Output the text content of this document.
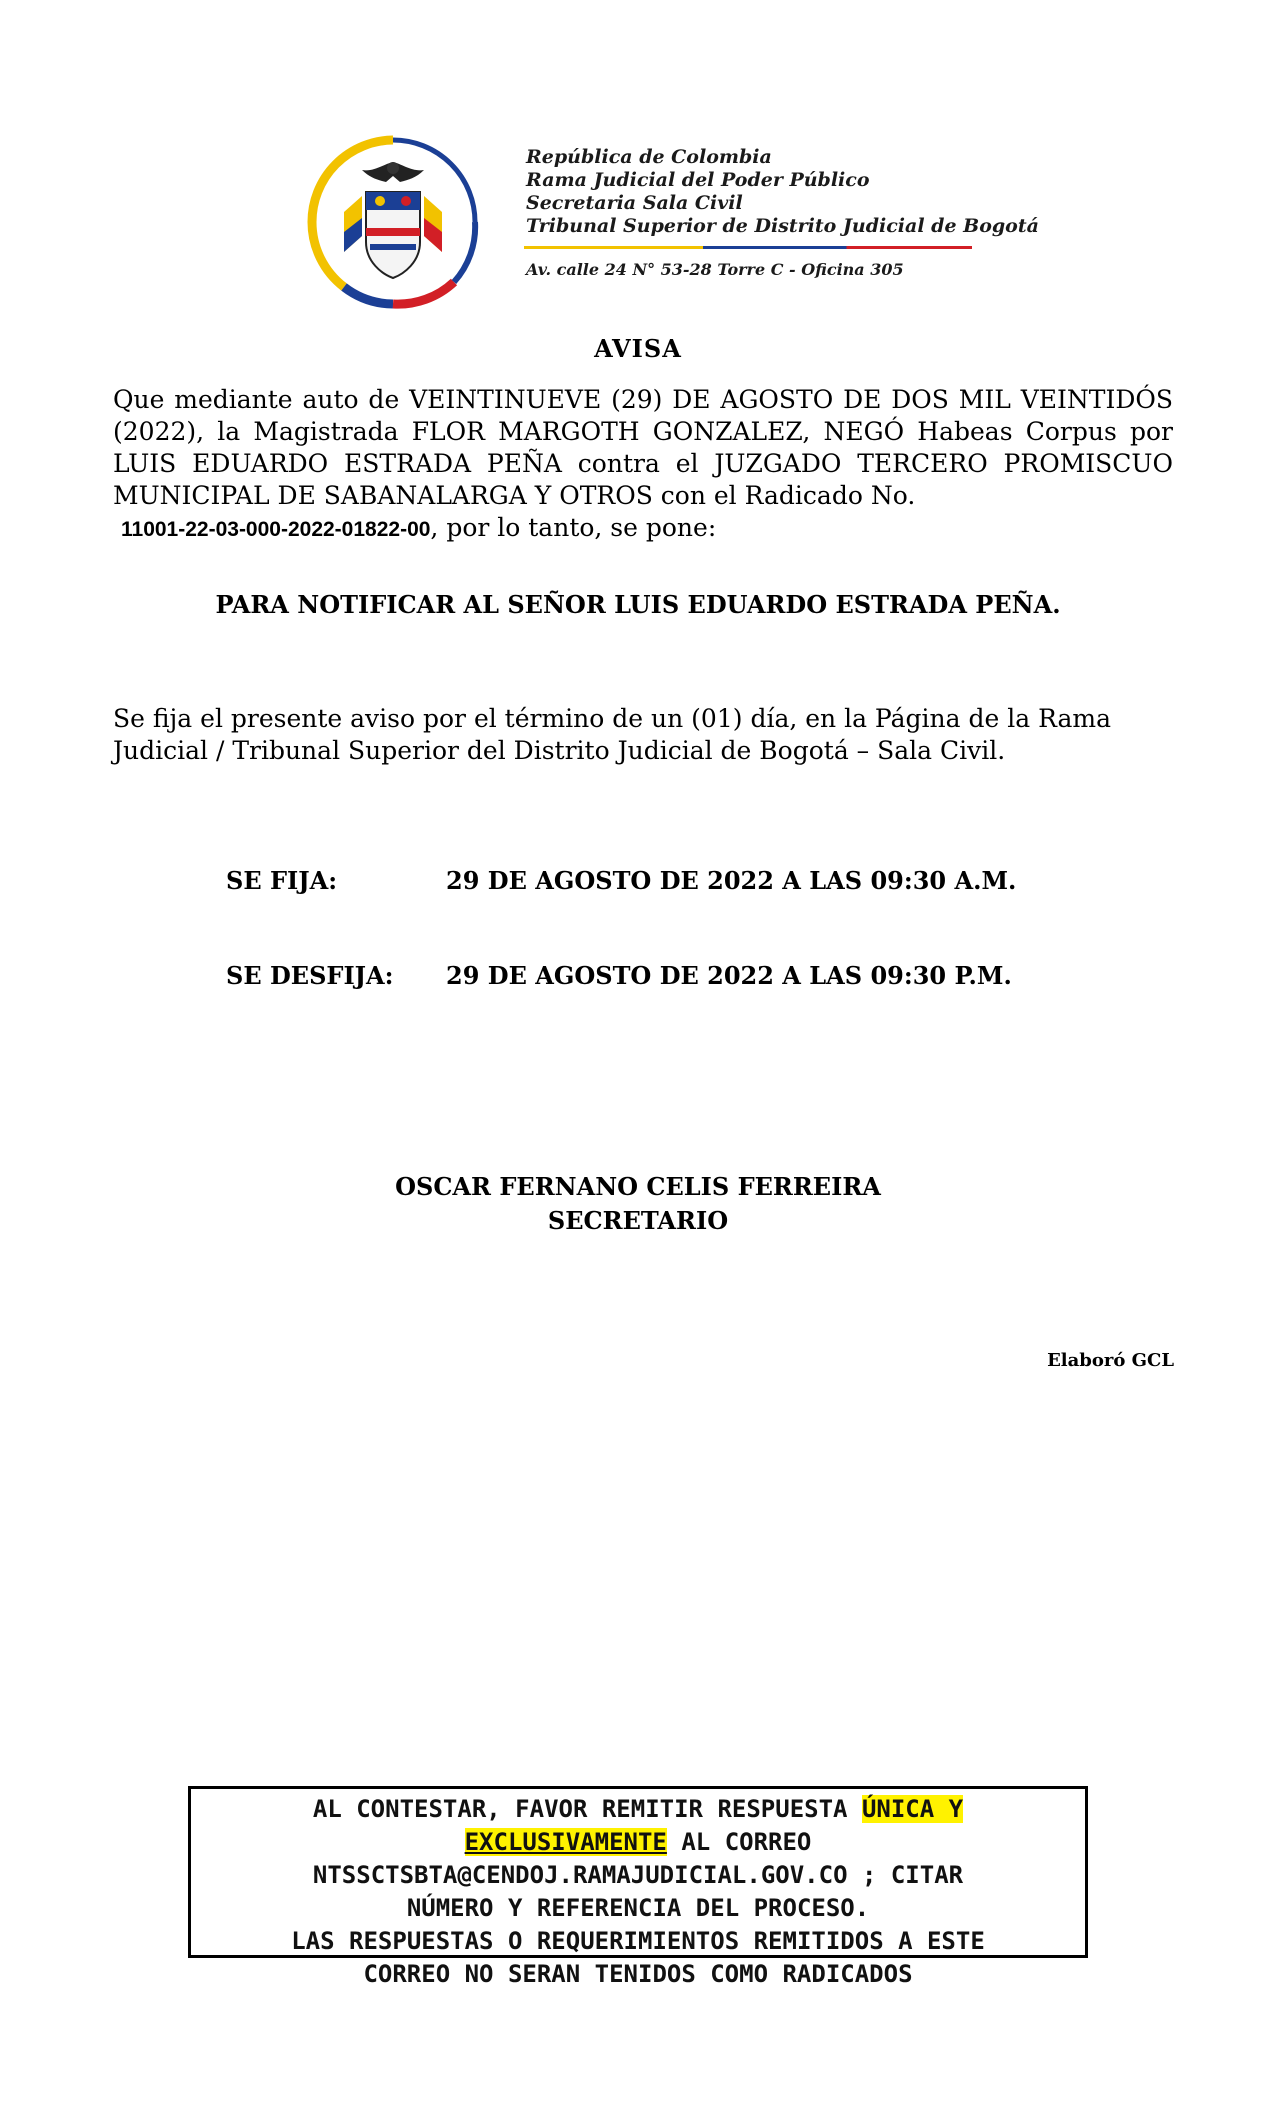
República de Colombia
Rama Judicial del Poder Público
Secretaria Sala Civil
Tribunal Superior de Distrito Judicial de Bogotá
Av. calle 24 N° 53-28 Torre C - Oficina 305
AVISA
Que mediante auto de VEINTINUEVE (29) DE AGOSTO DE DOS MIL VEINTIDÓS (2022), la Magistrada FLOR MARGOTH GONZALEZ, NEGÓ Habeas Corpus por LUIS EDUARDO ESTRADA PEÑA contra el JUZGADO TERCERO PROMISCUO MUNICIPAL DE SABANALARGA Y OTROS con el Radicado No.
11001-22-03-000-2022-01822-00, por lo tanto, se pone:
PARA NOTIFICAR AL SEÑOR LUIS EDUARDO ESTRADA PEÑA.
Se fija el presente aviso por el término de un (01) día, en la Página de la Rama Judicial / Tribunal Superior del Distrito Judicial de Bogotá – Sala Civil.
SE FIJA:	29 DE AGOSTO DE 2022 A LAS 09:30 A.M.
SE DESFIJA: 29 DE AGOSTO DE 2022 A LAS 09:30 P.M.
OSCAR FERNANO CELIS FERREIRA
SECRETARIO
Elaboró GCL
AL CONTESTAR, FAVOR REMITIR RESPUESTA ÚNICA Y
EXCLUSIVAMENTE AL CORREO
NTSSCTSBTA@CENDOJ.RAMAJUDICIAL.GOV.CO ; CITAR
NÚMERO Y REFERENCIA DEL PROCESO.
LAS RESPUESTAS O REQUERIMIENTOS REMITIDOS A ESTE
CORREO NO SERAN TENIDOS COMO RADICADOS
